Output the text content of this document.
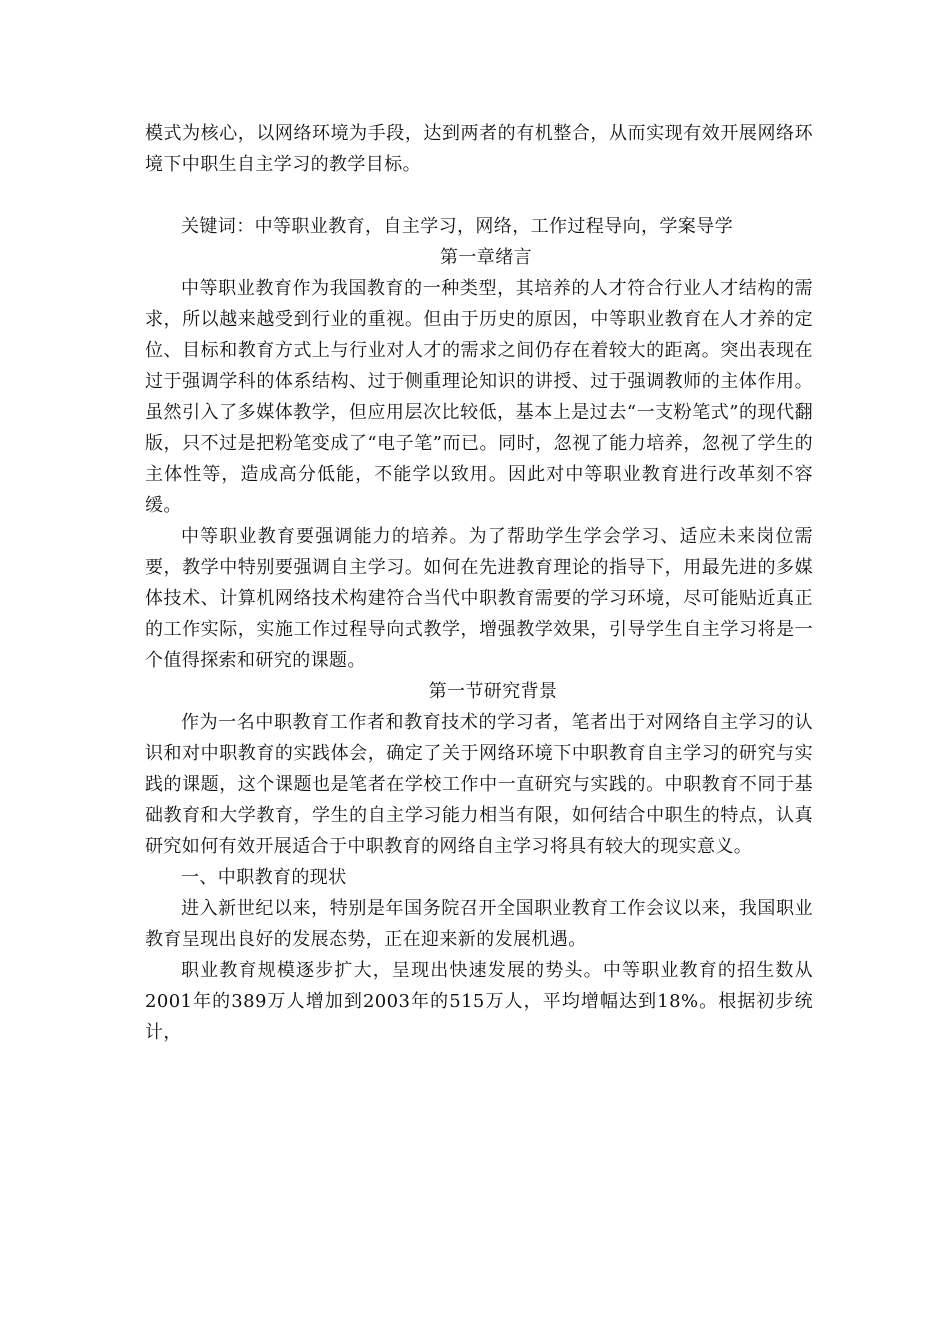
模式为核心，以网络环境为手段，达到两者的有机整合，从而实现有效开展网络环境下中职生自主学习的教学目标。

关键词：中等职业教育，自主学习，网络，工作过程导向，学案导学

第一章绪言

中等职业教育作为我国教育的一种类型，其培养的人才符合行业人才结构的需求，所以越来越受到行业的重视。但由于历史的原因，中等职业教育在人才养的定位、目标和教育方式上与行业对人才的需求之间仍存在着较大的距离。突出表现在过于强调学科的体系结构、过于侧重理论知识的讲授、过于强调教师的主体作用。虽然引入了多媒体教学，但应用层次比较低，基本上是过去“一支粉笔式”的现代翻版，只不过是把粉笔变成了“电子笔”而已。同时，忽视了能力培养，忽视了学生的主体性等，造成高分低能，不能学以致用。因此对中等职业教育进行改革刻不容缓。

中等职业教育要强调能力的培养。为了帮助学生学会学习、适应未来岗位需要，教学中特别要强调自主学习。如何在先进教育理论的指导下，用最先进的多媒体技术、计算机网络技术构建符合当代中职教育需要的学习环境，尽可能贴近真正的工作实际，实施工作过程导向式教学，增强教学效果，引导学生自主学习将是一个值得探索和研究的课题。

第一节研究背景

作为一名中职教育工作者和教育技术的学习者，笔者出于对网络自主学习的认识和对中职教育的实践体会，确定了关于网络环境下中职教育自主学习的研究与实践的课题，这个课题也是笔者在学校工作中一直研究与实践的。中职教育不同于基础教育和大学教育，学生的自主学习能力相当有限，如何结合中职生的特点，认真研究如何有效开展适合于中职教育的网络自主学习将具有较大的现实意义。

一、中职教育的现状

进入新世纪以来，特别是年国务院召开全国职业教育工作会议以来，我国职业教育呈现出良好的发展态势，正在迎来新的发展机遇。

职业教育规模逐步扩大，呈现出快速发展的势头。中等职业教育的招生数从2001年的389万人增加到2003年的515万人，平均增幅达到18%。根据初步统计，
